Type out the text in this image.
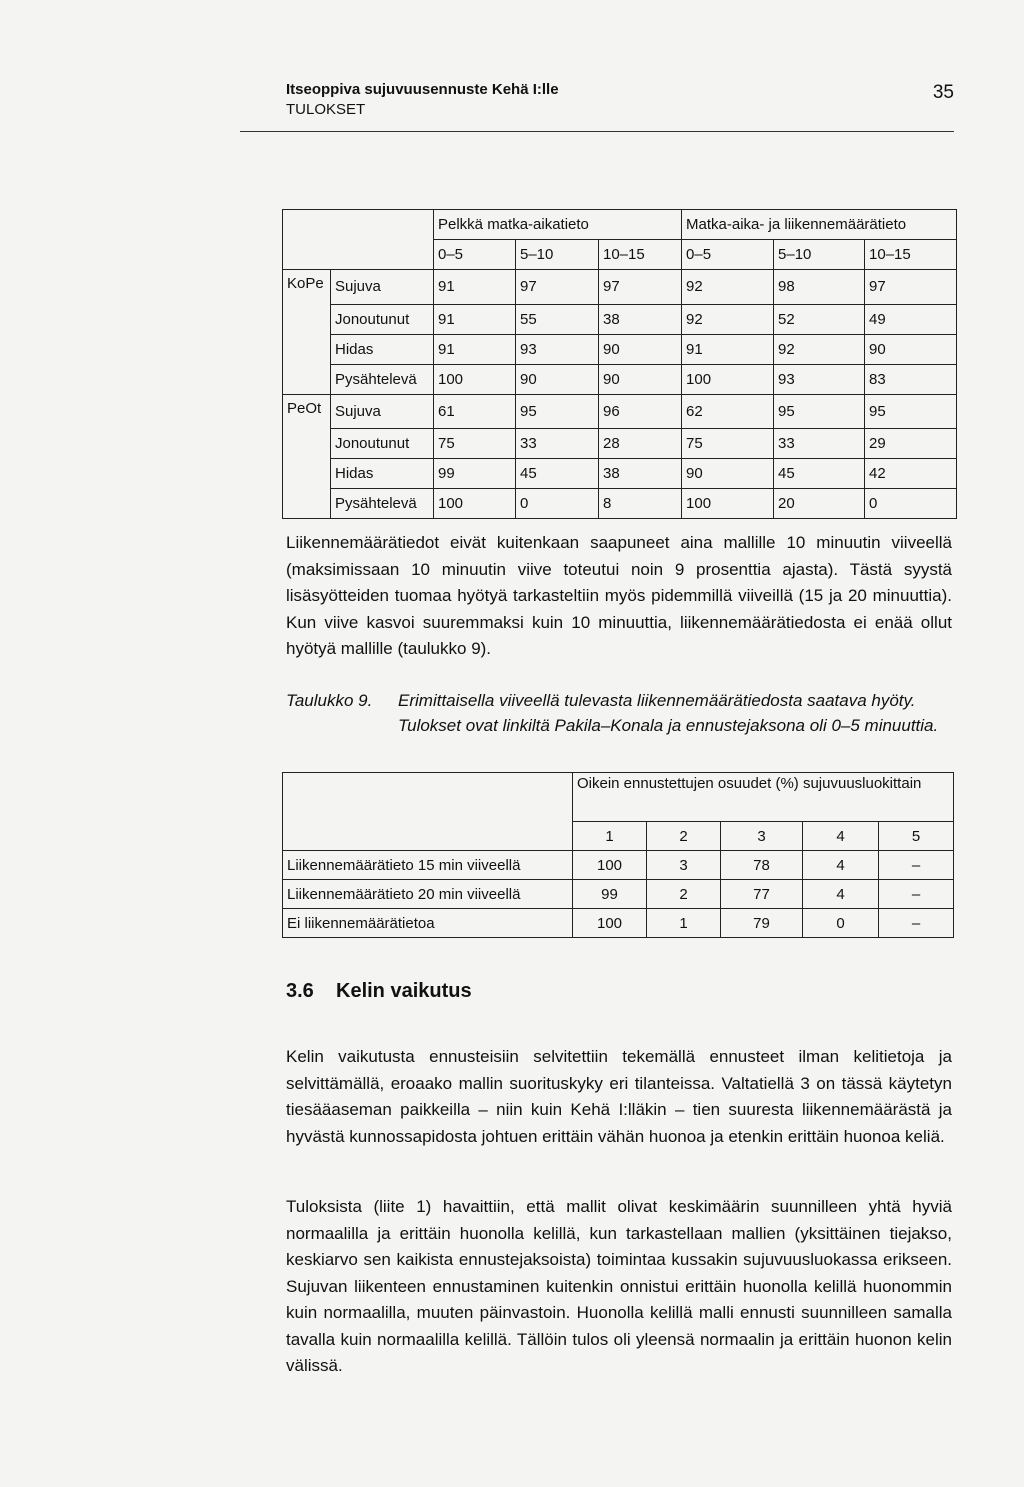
Itseoppiva sujuvuusennuste Kehä I:lle
TULOKSET
35
		Pelkkä matka-aikatieto			Matka-aika- ja liikennemäärätieto		
		0–5	5–10	10–15	0–5	5–10	10–15
KoPe	Sujuva	91	97	97	92	98	97
	Jonoutunut	91	55	38	92	52	49
	Hidas	91	93	90	91	92	90
	Pysähtelevä	100	90	90	100	93	83
PeOt	Sujuva	61	95	96	62	95	95
	Jonoutunut	75	33	28	75	33	29
	Hidas	99	45	38	90	45	42
	Pysähtelevä	100	0	8	100	20	0
Liikennemäärätiedot eivät kuitenkaan saapuneet aina mallille 10 minuutin viiveellä (maksimissaan 10 minuutin viive toteutui noin 9 prosenttia ajasta). Tästä syystä lisäsyötteiden tuomaa hyötyä tarkasteltiin myös pidemmillä viiveillä (15 ja 20 minuuttia). Kun viive kasvoi suuremmaksi kuin 10 minuuttia, liikennemäärätiedosta ei enää ollut hyötyä mallille (taulukko 9).
Taulukko 9. Erimittaisella viiveellä tulevasta liikennemäärätiedosta saatava hyöty. Tulokset ovat linkiltä Pakila–Konala ja ennustejaksona oli 0–5 minuuttia.
	Oikein ennustettujen osuudet (%) sujuvuusluokittain				
	1	2	3	4	5
Liikennemäärätieto 15 min viiveellä	100	3	78	4	–
Liikennemäärätieto 20 min viiveellä	99	2	77	4	–
Ei liikennemäärätietoa	100	1	79	0	–
3.6 Kelin vaikutus
Kelin vaikutusta ennusteisiin selvitettiin tekemällä ennusteet ilman kelitietoja ja selvittämällä, eroaako mallin suorituskyky eri tilanteissa. Valtatiellä 3 on tässä käytetyn tiesääaseman paikkeilla – niin kuin Kehä I:lläkin – tien suuresta liikennemäärästä ja hyvästä kunnossapidosta johtuen erittäin vähän huonoa ja etenkin erittäin huonoa keliä.
Tuloksista (liite 1) havaittiin, että mallit olivat keskimäärin suunnilleen yhtä hyviä normaalilla ja erittäin huonolla kelillä, kun tarkastellaan mallien (yksittäinen tiejakso, keskiarvo sen kaikista ennustejaksoista) toimintaa kussakin sujuvuusluokassa erikseen. Sujuvan liikenteen ennustaminen kuitenkin onnistui erittäin huonolla kelillä huonommin kuin normaalilla, muuten päinvastoin. Huonolla kelillä malli ennusti suunnilleen samalla tavalla kuin normaalilla kelillä. Tällöin tulos oli yleensä normaalin ja erittäin huonon kelin välissä.
